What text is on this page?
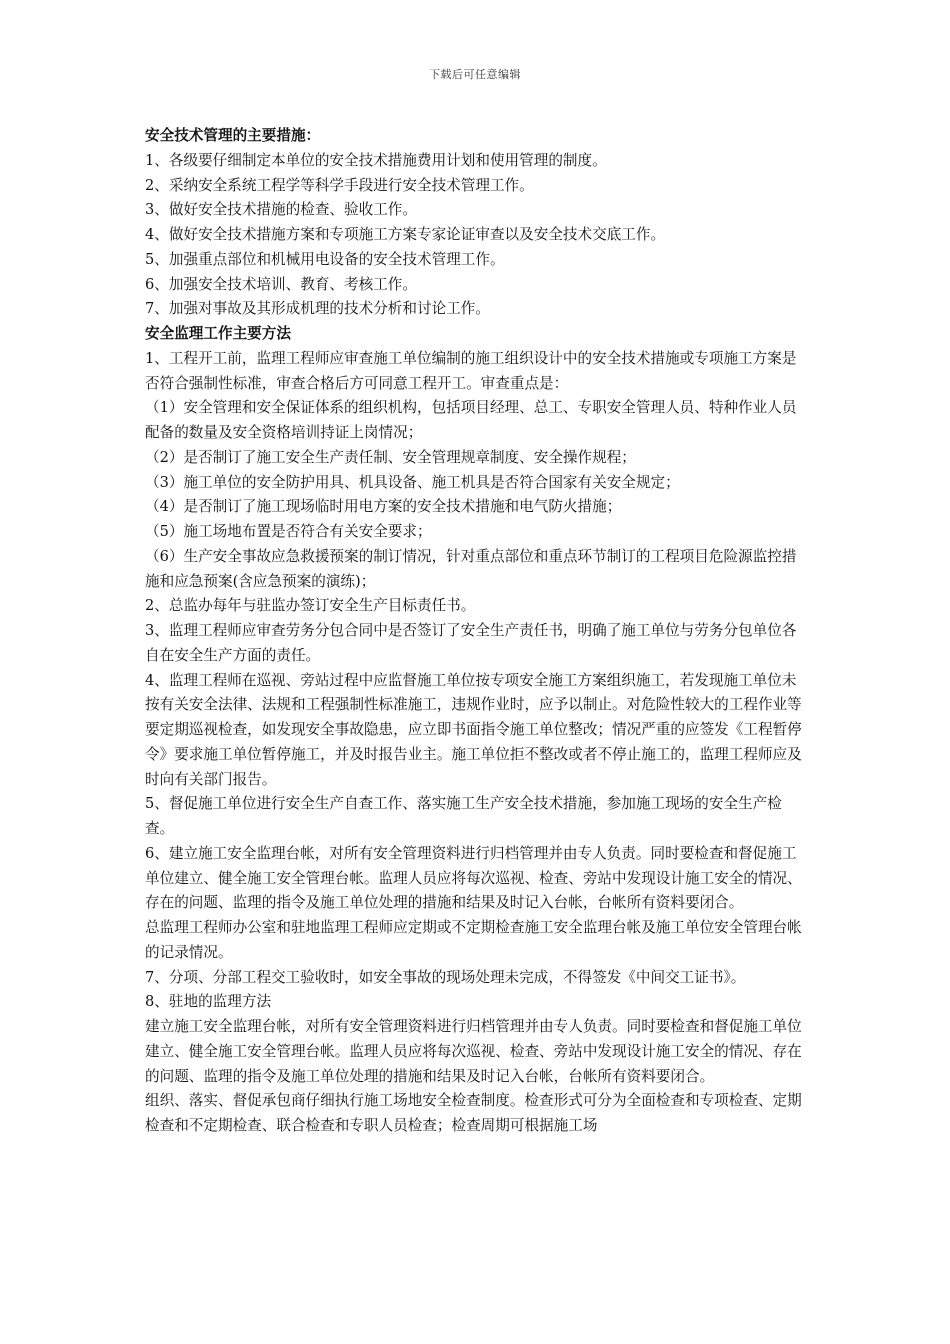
下载后可任意编辑

安全技术管理的主要措施：

1、各级要仔细制定本单位的安全技术措施费用计划和使用管理的制度。

2、采纳安全系统工程学等科学手段进行安全技术管理工作。

3、做好安全技术措施的检查、验收工作。

4、做好安全技术措施方案和专项施工方案专家论证审查以及安全技术交底工作。

5、加强重点部位和机械用电设备的安全技术管理工作。

6、加强安全技术培训、教育、考核工作。

7、加强对事故及其形成机理的技术分析和讨论工作。

安全监理工作主要方法

1、工程开工前，监理工程师应审查施工单位编制的施工组织设计中的安全技术措施或专项施工方案是否符合强制性标准，审查合格后方可同意工程开工。审查重点是：

（1）安全管理和安全保证体系的组织机构，包括项目经理、总工、专职安全管理人员、特种作业人员配备的数量及安全资格培训持证上岗情况；

（2）是否制订了施工安全生产责任制、安全管理规章制度、安全操作规程；

（3）施工单位的安全防护用具、机具设备、施工机具是否符合国家有关安全规定；

（4）是否制订了施工现场临时用电方案的安全技术措施和电气防火措施；

（5）施工场地布置是否符合有关安全要求；

（6）生产安全事故应急救援预案的制订情况，针对重点部位和重点环节制订的工程项目危险源监控措施和应急预案(含应急预案的演练)；

2、总监办每年与驻监办签订安全生产目标责任书。

3、监理工程师应审查劳务分包合同中是否签订了安全生产责任书，明确了施工单位与劳务分包单位各自在安全生产方面的责任。

4、监理工程师在巡视、旁站过程中应监督施工单位按专项安全施工方案组织施工，若发现施工单位未按有关安全法律、法规和工程强制性标准施工，违规作业时，应予以制止。对危险性较大的工程作业等要定期巡视检查，如发现安全事故隐患，应立即书面指令施工单位整改；情况严重的应签发《工程暂停令》要求施工单位暂停施工，并及时报告业主。施工单位拒不整改或者不停止施工的，监理工程师应及时向有关部门报告。

5、督促施工单位进行安全生产自查工作、落实施工生产安全技术措施，参加施工现场的安全生产检查。

6、建立施工安全监理台帐，对所有安全管理资料进行归档管理并由专人负责。同时要检查和督促施工单位建立、健全施工安全管理台帐。监理人员应将每次巡视、检查、旁站中发现设计施工安全的情况、存在的问题、监理的指令及施工单位处理的措施和结果及时记入台帐，台帐所有资料要闭合。

总监理工程师办公室和驻地监理工程师应定期或不定期检查施工安全监理台帐及施工单位安全管理台帐的记录情况。

7、分项、分部工程交工验收时，如安全事故的现场处理未完成，不得签发《中间交工证书》。

8、驻地的监理方法

建立施工安全监理台帐，对所有安全管理资料进行归档管理并由专人负责。同时要检查和督促施工单位建立、健全施工安全管理台帐。监理人员应将每次巡视、检查、旁站中发现设计施工安全的情况、存在的问题、监理的指令及施工单位处理的措施和结果及时记入台帐，台帐所有资料要闭合。

组织、落实、督促承包商仔细执行施工场地安全检查制度。检查形式可分为全面检查和专项检查、定期检查和不定期检查、联合检查和专职人员检查；检查周期可根据施工场
